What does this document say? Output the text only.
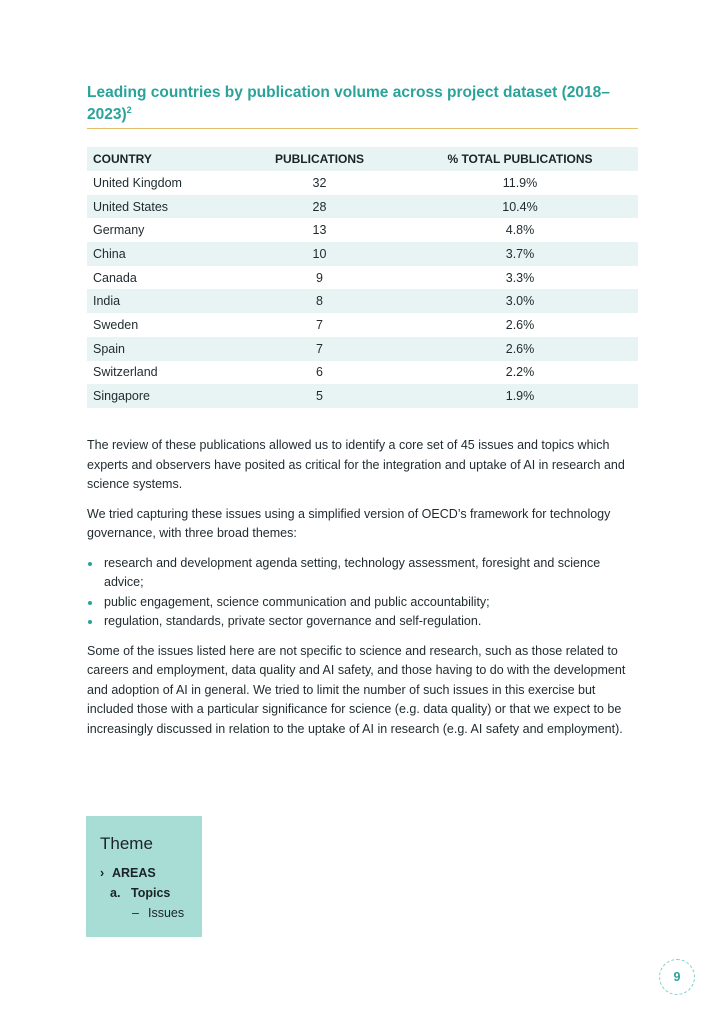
Leading countries by publication volume across project dataset (2018–2023)$^2$
COUNTRY	PUBLICATIONS	% TOTAL PUBLICATIONS
United Kingdom	32	11.9%
United States	28	10.4%
Germany	13	4.8%
China	10	3.7%
Canada	9	3.3%
India	8	3.0%
Sweden	7	2.6%
Spain	7	2.6%
Switzerland	6	2.2%
Singapore	5	1.9%

The review of these publications allowed us to identify a core set of 45 issues and topics which experts and observers have posited as critical for the integration and uptake of AI in research and science systems.

We tried capturing these issues using a simplified version of OECD’s framework for technology governance, with three broad themes:

research and development agenda setting, technology assessment, foresight and science advice;
public engagement, science communication and public accountability;
regulation, standards, private sector governance and self-regulation.

Some of the issues listed here are not specific to science and research, such as those related to careers and employment, data quality and AI safety, and those having to do with the development and adoption of AI in general. We tried to limit the number of such issues in this exercise but included those with a particular significance for science (e.g. data quality) or that we expect to be increasingly discussed in relation to the uptake of AI in research (e.g. AI safety and employment).

Theme
› AREAS
a. Topics
– Issues
9
